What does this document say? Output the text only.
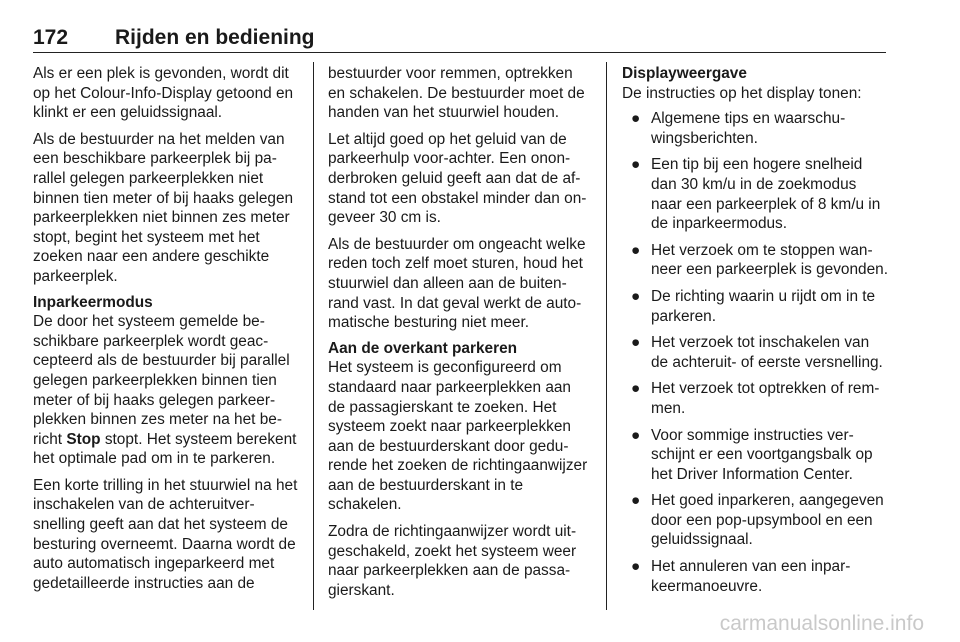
172 Rijden en bediening

Als er een plek is gevonden, wordt dit op het Colour-Info-Display getoond en klinkt er een geluidssignaal.

Als de bestuurder na het melden van een beschikbare parkeerplek bij parallel gelegen parkeerplekken niet binnen tien meter of bij haaks gelegen parkeerplekken niet binnen zes meter stopt, begint het systeem met het zoeken naar een andere geschikte parkeerplek.

Inparkeermodus

De door het systeem gemelde beschikbare parkeerplek wordt geaccepteerd als de bestuurder bij parallel gelegen parkeerplekken binnen tien meter of bij haaks gelegen parkeerplekken binnen zes meter na het bericht Stop stopt. Het systeem berekent het optimale pad om in te parkeren.

Een korte trilling in het stuurwiel na het inschakelen van de achteruitversnelling geeft aan dat het systeem de besturing overneemt. Daarna wordt de auto automatisch ingeparkeerd met gedetailleerde instructies aan de

bestuurder voor remmen, optrekken en schakelen. De bestuurder moet de handen van het stuurwiel houden.

Let altijd goed op het geluid van de parkeerhulp voor-achter. Een ononderbroken geluid geeft aan dat de afstand tot een obstakel minder dan ongeveer 30 cm is.

Als de bestuurder om ongeacht welke reden toch zelf moet sturen, houd het stuurwiel dan alleen aan de buitenrand vast. In dat geval werkt de automatische besturing niet meer.

Aan de overkant parkeren

Het systeem is geconfigureerd om standaard naar parkeerplekken aan de passagierskant te zoeken. Het systeem zoekt naar parkeerplekken aan de bestuurderskant door gedurende het zoeken de richtingaanwijzer aan de bestuurderskant in te schakelen.

Zodra de richtingaanwijzer wordt uitgeschakeld, zoekt het systeem weer naar parkeerplekken aan de passagierskant.

Displayweergave
De instructies op het display tonen:
● Algemene tips en waarschuwingsberichten.
● Een tip bij een hogere snelheid dan 30 km/u in de zoekmodus naar een parkeerplek of 8 km/u in de inparkeermodus.
● Het verzoek om te stoppen wanneer een parkeerplek is gevonden.
● De richting waarin u rijdt om in te parkeren.
● Het verzoek tot inschakelen van de achteruit- of eerste versnelling.
● Het verzoek tot optrekken of remmen.
● Voor sommige instructies verschijnt er een voortgangsbalk op het Driver Information Center.
● Het goed inparkeren, aangegeven door een pop-upsymbool en een geluidssignaal.
● Het annuleren van een inparkeermanoeuvre.
carmanualsonline.info
